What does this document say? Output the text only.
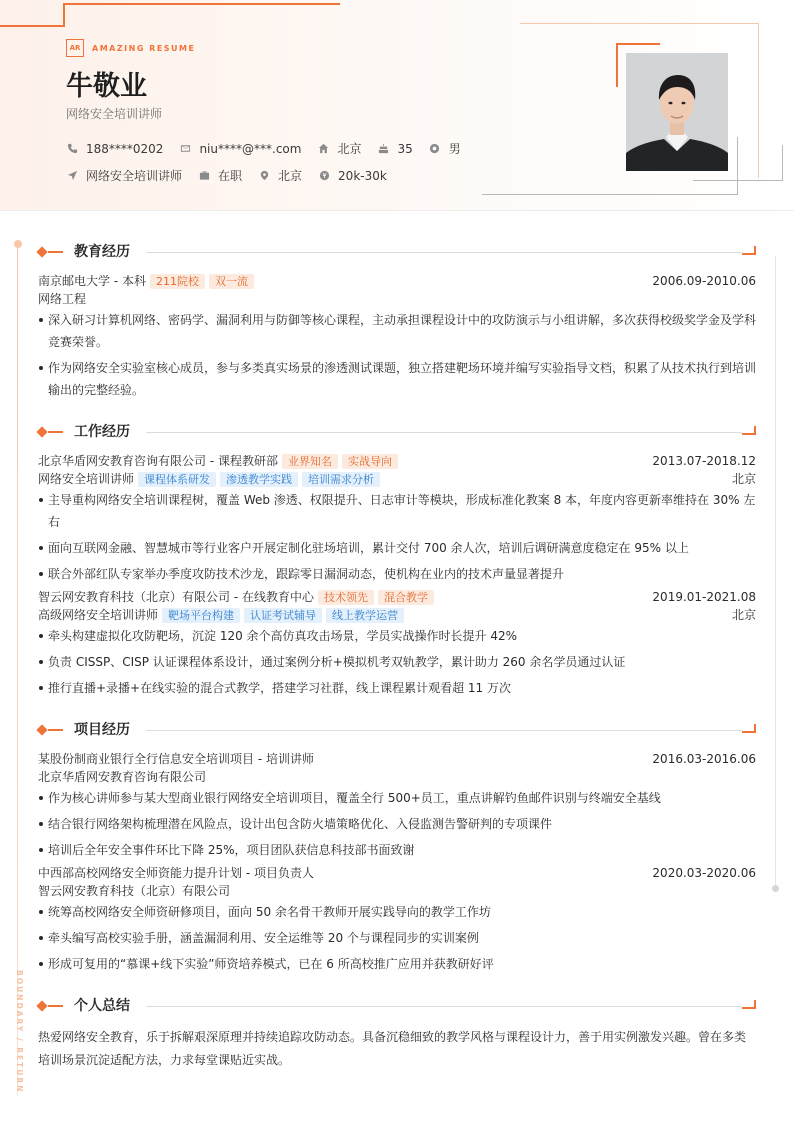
AR	AMAZING RESUME
牛敬业
网络安全培训讲师
188****0202	niu****@***.com	北京	35	男
网络安全培训讲师	在职	北京	20k-30k
BOUNDARY / RETURN
教育经历
南京邮电大学 - 本科 211院校	双一流	2006.09-2010.06
网络工程
深入研习计算机网络、密码学、漏洞利用与防御等核心课程，主动承担课程设计中的攻防演示与小组讲解，多次获得校级奖学金及学科竞赛荣誉。
作为网络安全实验室核心成员，参与多类真实场景的渗透测试课题，独立搭建靶场环境并编写实验指导文档，积累了从技术执行到培训输出的完整经验。
工作经历
北京华盾网安教育咨询有限公司 - 课程教研部 业界知名	实战导向	2013.07-2018.12
网络安全培训讲师 课程体系研发	渗透教学实践	培训需求分析	北京
主导重构网络安全培训课程树，覆盖 Web 渗透、权限提升、日志审计等模块，形成标准化教案 8 本，年度内容更新率维持在 30% 左右
面向互联网金融、智慧城市等行业客户开展定制化驻场培训，累计交付 700 余人次，培训后调研满意度稳定在 95% 以上
联合外部红队专家举办季度攻防技术沙龙，跟踪零日漏洞动态，使机构在业内的技术声量显著提升
智云网安教育科技（北京）有限公司 - 在线教育中心 技术领先	混合教学	2019.01-2021.08
高级网络安全培训讲师 靶场平台构建	认证考试辅导	线上教学运营	北京
牵头构建虚拟化攻防靶场，沉淀 120 余个高仿真攻击场景，学员实战操作时长提升 42%
负责 CISSP、CISP 认证课程体系设计，通过案例分析+模拟机考双轨教学，累计助力 260 余名学员通过认证
推行直播+录播+在线实验的混合式教学，搭建学习社群，线上课程累计观看超 11 万次
项目经历
某股份制商业银行全行信息安全培训项目 - 培训讲师	2016.03-2016.06
北京华盾网安教育咨询有限公司
作为核心讲师参与某大型商业银行网络安全培训项目，覆盖全行 500+员工，重点讲解钓鱼邮件识别与终端安全基线
结合银行网络架构梳理潜在风险点，设计出包含防火墙策略优化、入侵监测告警研判的专项课件
培训后全年安全事件环比下降 25%，项目团队获信息科技部书面致谢
中西部高校网络安全师资能力提升计划 - 项目负责人	2020.03-2020.06
智云网安教育科技（北京）有限公司
统筹高校网络安全师资研修项目，面向 50 余名骨干教师开展实践导向的教学工作坊
牵头编写高校实验手册，涵盖漏洞利用、安全运维等 20 个与课程同步的实训案例
形成可复用的“慕课+线下实验”师资培养模式，已在 6 所高校推广应用并获教研好评
个人总结
热爱网络安全教育，乐于拆解艰深原理并持续追踪攻防动态。具备沉稳细致的教学风格与课程设计力，善于用实例激发兴趣。曾在多类培训场景沉淀适配方法，力求每堂课贴近实战。
